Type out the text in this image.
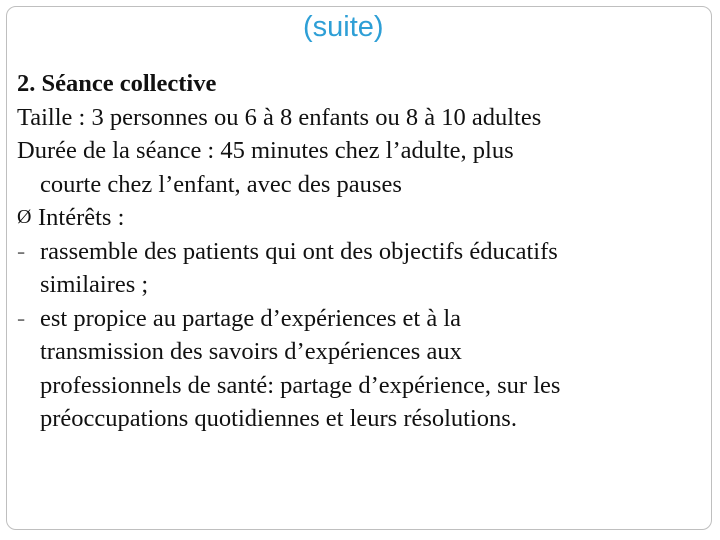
(suite)
2. Séance collective
Taille : 3 personnes ou 6 à 8 enfants ou 8 à 10 adultes
Durée de la séance : 45 minutes chez l’adulte, plus
courte chez l’enfant, avec des pauses
Ø Intérêts :
- rassemble des patients qui ont des objectifs éducatifs
similaires ;
- est propice au partage d’expériences et à la
transmission des savoirs d’expériences aux
professionnels de santé: partage d’expérience, sur les
préoccupations quotidiennes et leurs résolutions.
